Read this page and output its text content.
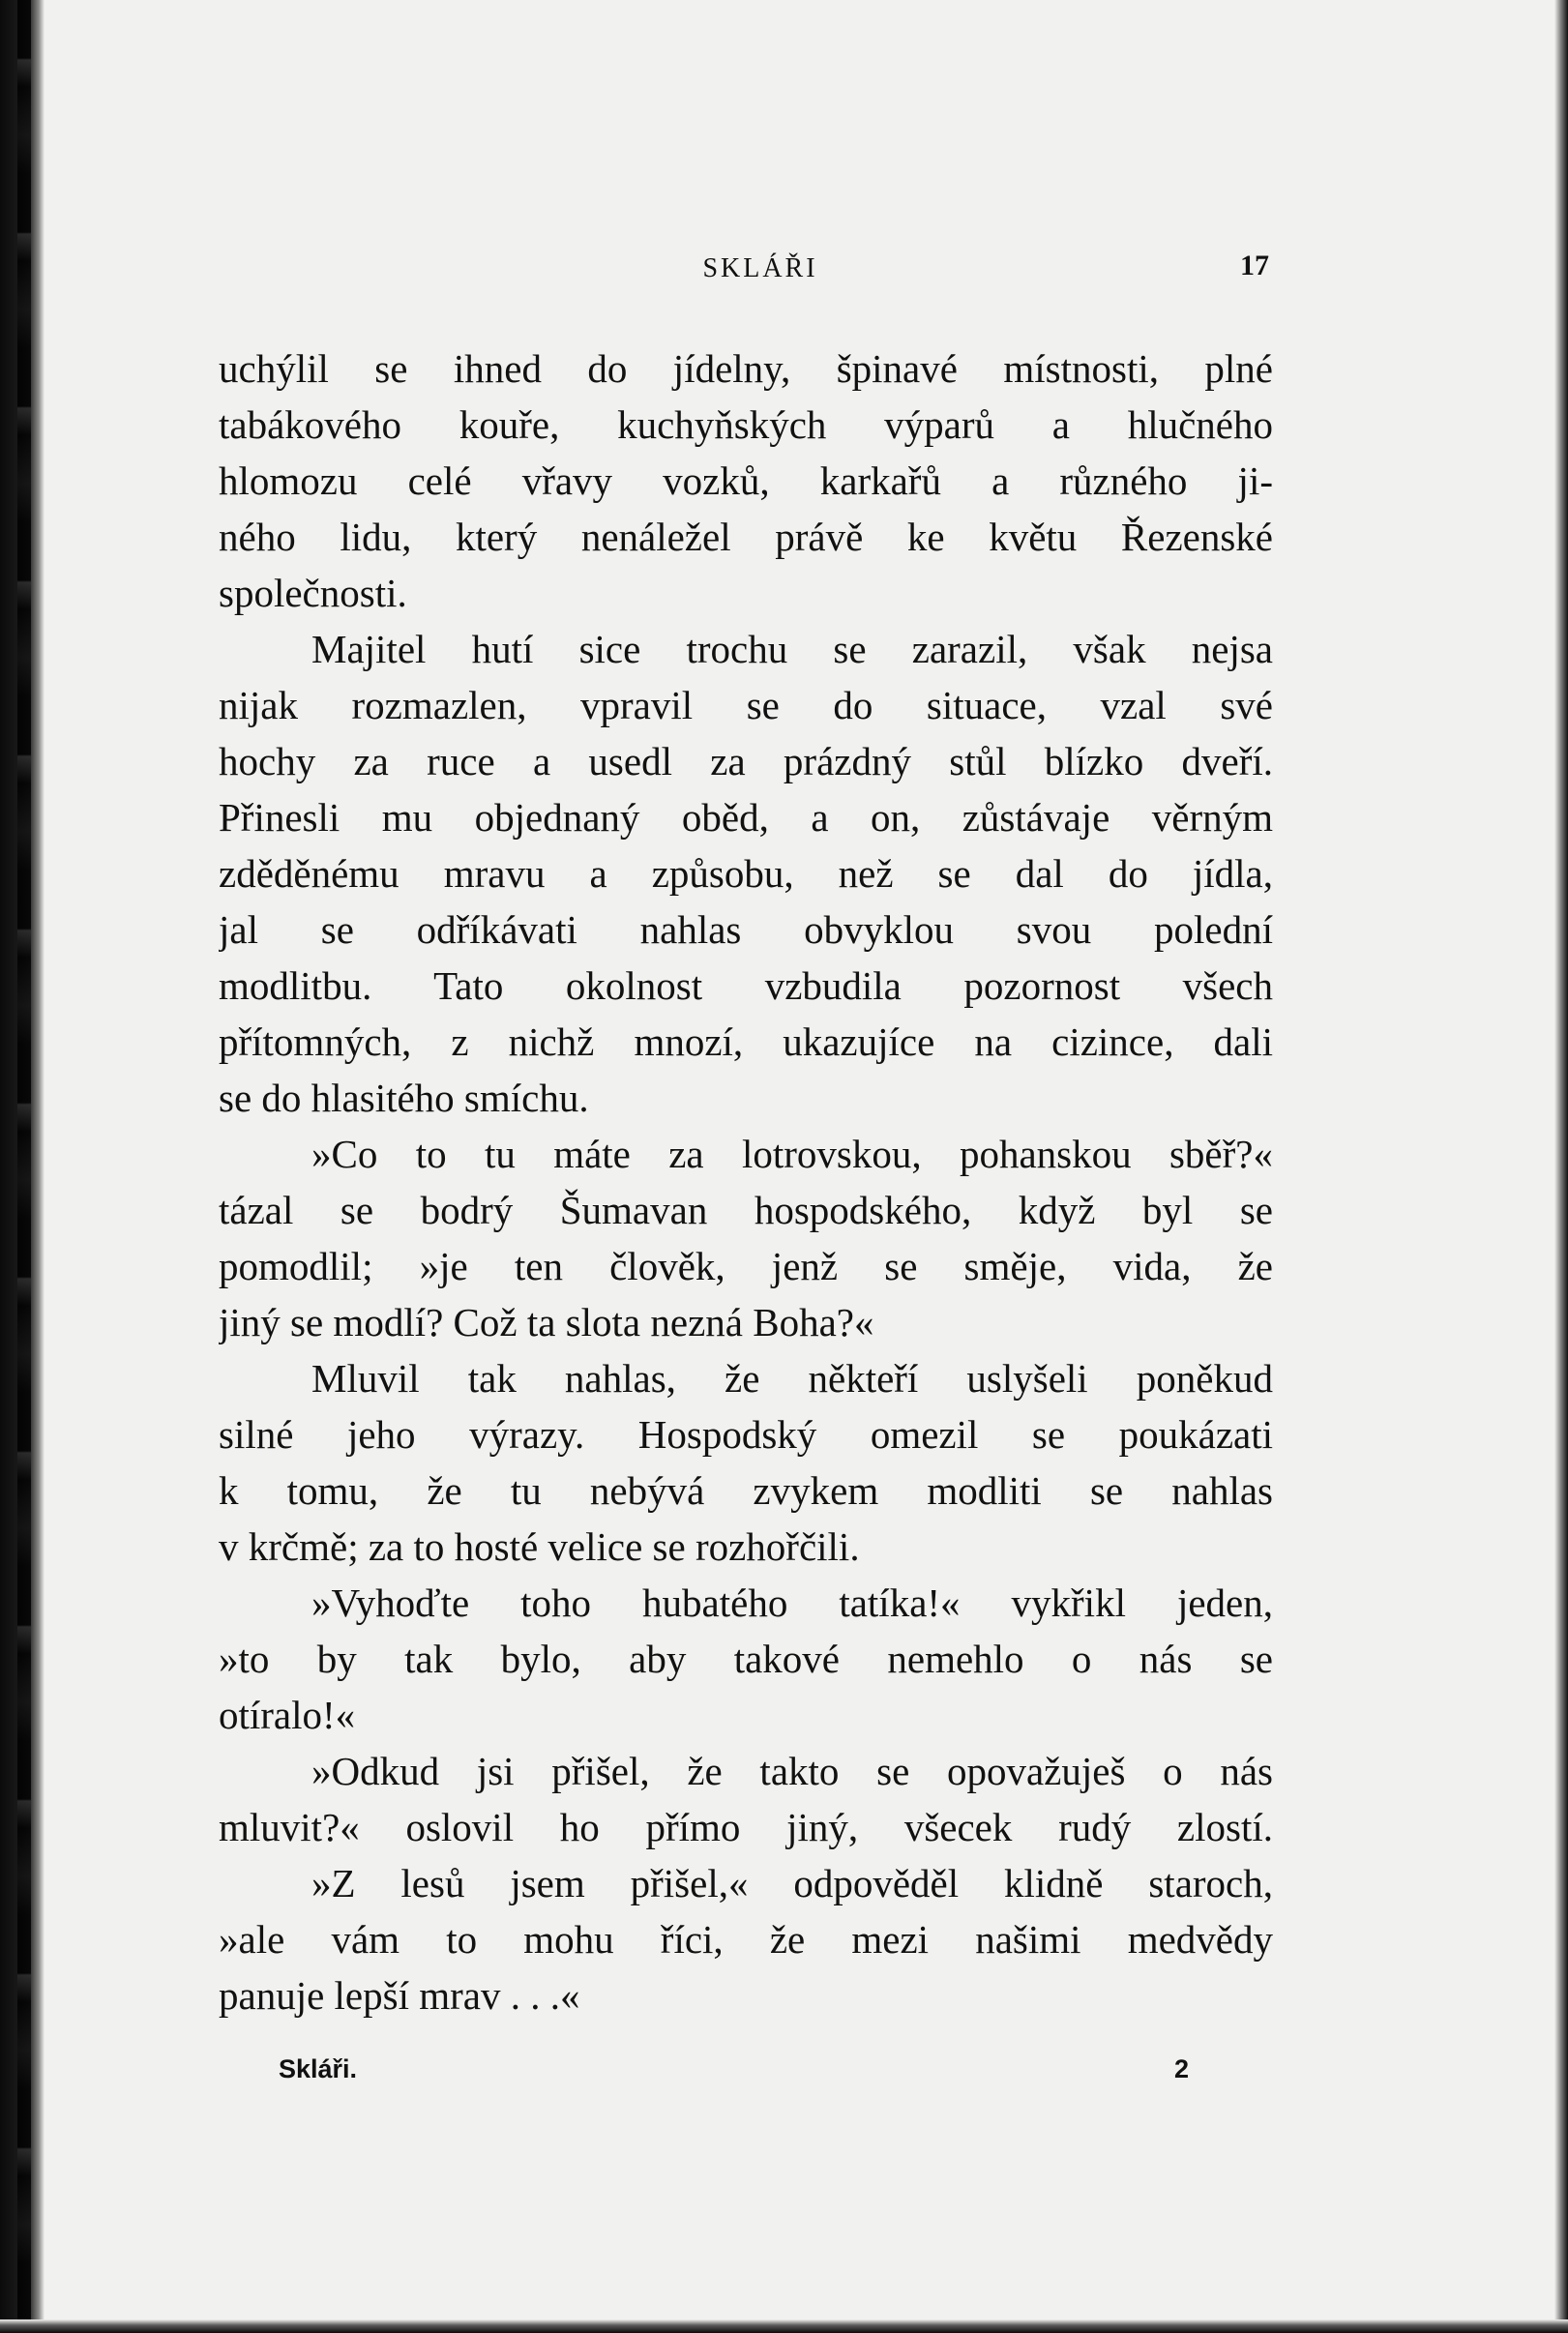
SKLÁŘI	17
uchýlil se ihned do jídelny, špinavé místnosti, plné
tabákového kouře, kuchyňských výparů a hlučného
hlomozu celé vřavy vozků, karkařů a různého ji-
ného lidu, který nenáležel právě ke květu Řezenské
společnosti.
Majitel hutí sice trochu se zarazil, však nejsa
nijak rozmazlen, vpravil se do situace, vzal své
hochy za ruce a usedl za prázdný stůl blízko dveří.
Přinesli mu objednaný oběd, a on, zůstávaje věrným
zděděnému mravu a způsobu, než se dal do jídla,
jal se odříkávati nahlas obvyklou svou polední
modlitbu. Tato okolnost vzbudila pozornost všech
přítomných, z nichž mnozí, ukazujíce na cizince, dali
se do hlasitého smíchu.
»Co to tu máte za lotrovskou, pohanskou sběř?«
tázal se bodrý Šumavan hospodského, když byl se
pomodlil; »je ten člověk, jenž se směje, vida, že
jiný se modlí? Což ta slota nezná Boha?«
Mluvil tak nahlas, že někteří uslyšeli poněkud
silné jeho výrazy. Hospodský omezil se poukázati
k tomu, že tu nebývá zvykem modliti se nahlas
v krčmě; za to hosté velice se rozhořčili.
»Vyhoďte toho hubatého tatíka!« vykřikl jeden,
»to by tak bylo, aby takové nemehlo o nás se
otíralo!«
»Odkud jsi přišel, že takto se opovažuješ o nás
mluvit?« oslovil ho přímo jiný, všecek rudý zlostí.
»Z lesů jsem přišel,« odpověděl klidně staroch,
»ale vám to mohu říci, že mezi našimi medvědy
panuje lepší mrav . . .«
Skláři.	2
